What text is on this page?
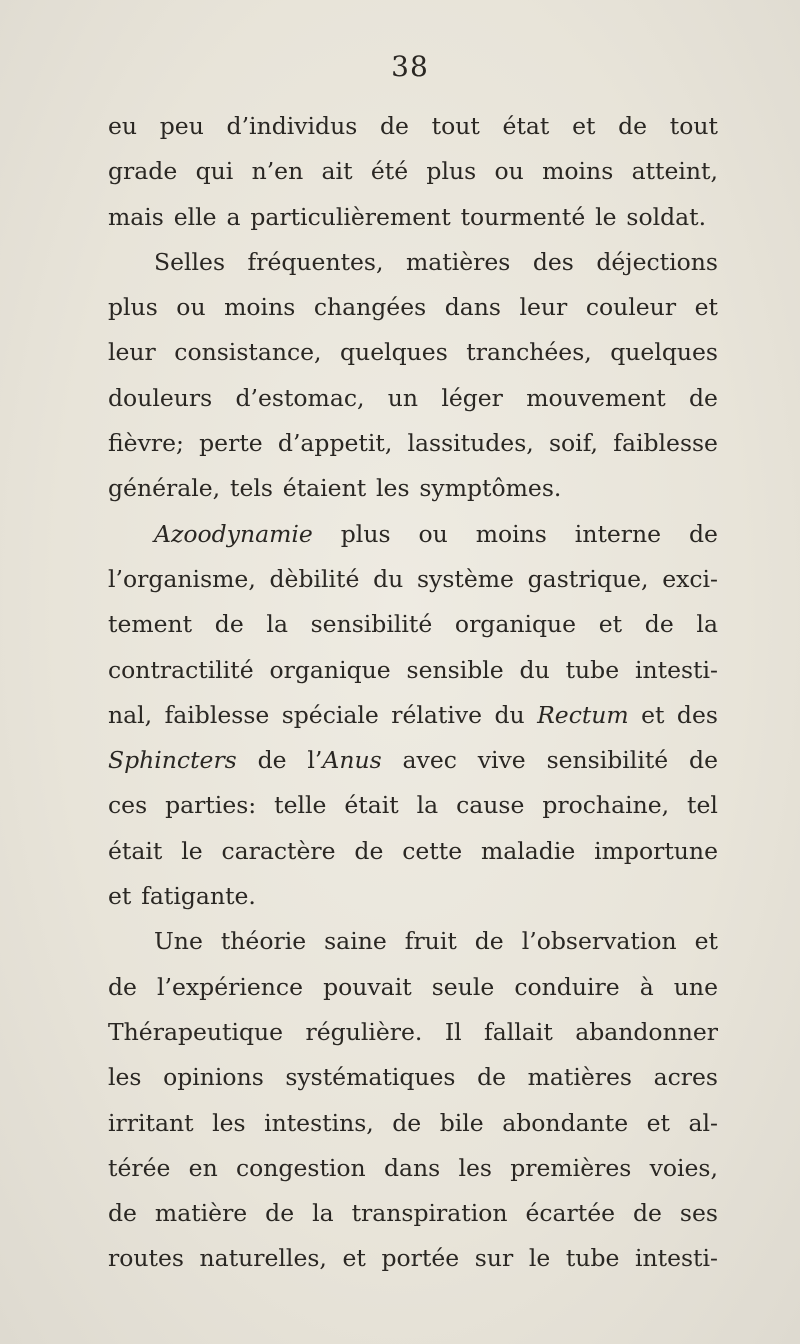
38
eu peu d’individus de tout état et de tout
grade qui n’en ait été plus ou moins atteint,
mais elle a particulièrement tourmenté le soldat.
Selles fréquentes, matières des déjections
plus ou moins changées dans leur couleur et
leur consistance, quelques tranchées, quelques
douleurs d’estomac, un léger mouvement de
fièvre; perte d’appetit, lassitudes, soif, faiblesse
générale, tels étaient les symptômes.
Azoodynamie plus ou moins interne de
l’organisme, dèbilité du système gastrique, exci-
tement de la sensibilité organique et de la
contractilité organique sensible du tube intesti-
nal, faiblesse spéciale rélative du Rectum et des
Sphincters de l’Anus avec vive sensibilité de
ces parties: telle était la cause prochaine, tel
était le caractère de cette maladie importune
et fatigante.
Une théorie saine fruit de l’observation et
de l’expérience pouvait seule conduire à une
Thérapeutique régulière. Il fallait abandonner
les opinions systématiques de matières acres
irritant les intestins, de bile abondante et al-
térée en congestion dans les premières voies,
de matière de la transpiration écartée de ses
routes naturelles, et portée sur le tube intesti-
